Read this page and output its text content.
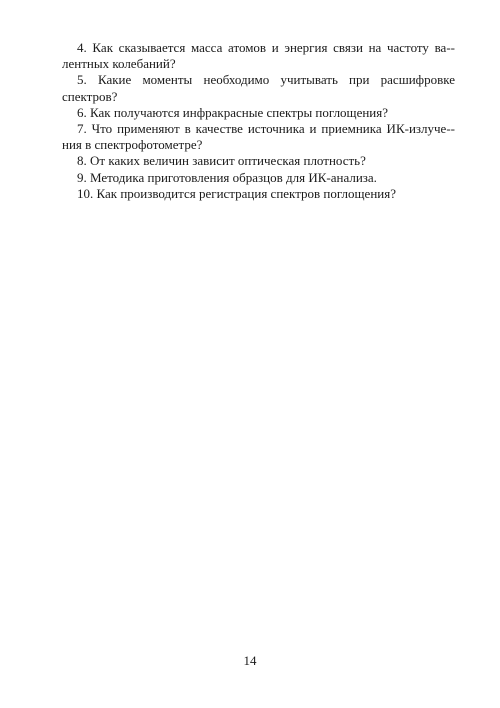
4. Как сказывается масса атомов и энергия связи на частоту ва-лентных колебаний?

5. Какие моменты необходимо учитывать при расшифровке спектров?

6. Как получаются инфракрасные спектры поглощения?

7. Что применяют в качестве источника и приемника ИК-излуче-ния в спектрофотометре?

8. От каких величин зависит оптическая плотность?

9. Методика приготовления образцов для ИК-анализа.

10. Как производится регистрация спектров поглощения?

14
